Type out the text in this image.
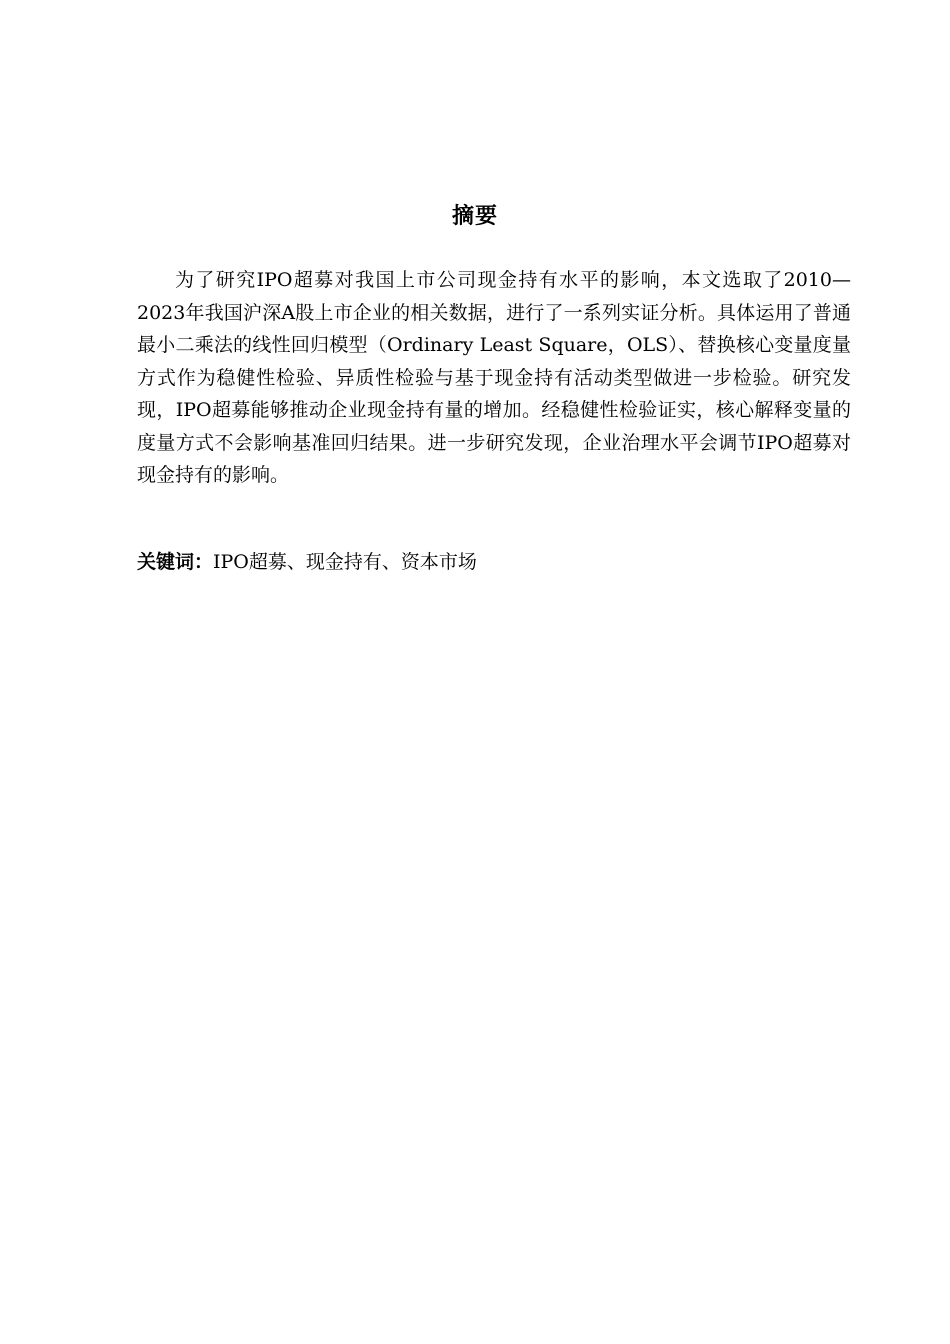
摘要

为了研究IPO超募对我国上市公司现金持有水平的影响，本文选取了2010—2023年我国沪深A股上市企业的相关数据，进行了一系列实证分析。具体运用了普通最小二乘法的线性回归模型（Ordinary Least Square，OLS）、替换核心变量度量方式作为稳健性检验、异质性检验与基于现金持有活动类型做进一步检验。研究发现，IPO超募能够推动企业现金持有量的增加。经稳健性检验证实，核心解释变量的度量方式不会影响基准回归结果。进一步研究发现，企业治理水平会调节IPO超募对现金持有的影响。

关键词：IPO超募、现金持有、资本市场
